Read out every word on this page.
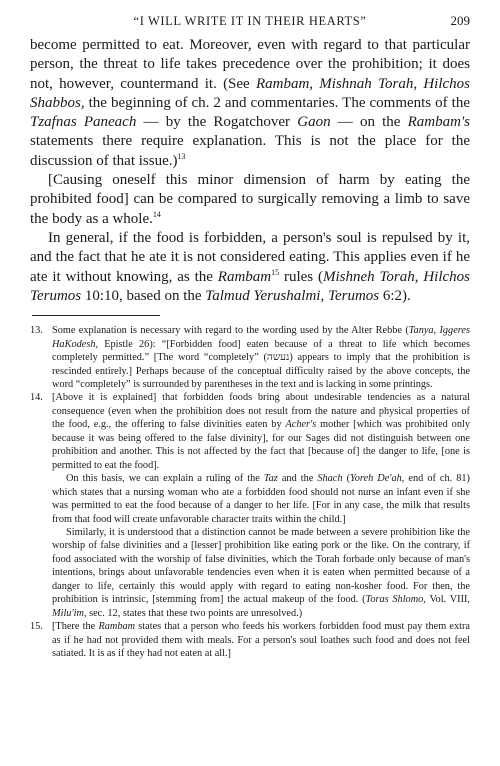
“I WILL WRITE IT IN THEIR HEARTS”	209

become permitted to eat. Moreover, even with regard to that particular person, the threat to life takes precedence over the prohibition; it does not, however, countermand it. (See Rambam, Mishnah Torah, Hilchos Shabbos, the beginning of ch. 2 and commentaries. The comments of the Tzafnas Paneach — by the Rogatchover Gaon — on the Rambam's statements there require explanation. This is not the place for the discussion of that issue.)$^{13}$

[Causing oneself this minor dimension of harm by eating the prohibited food] can be compared to surgically removing a limb to save the body as a whole.$^{14}$

In general, if the food is forbidden, a person's soul is repulsed by it, and the fact that he ate it is not considered eating. This applies even if he ate it without knowing, as the Rambam$^{15}$ rules (Mishneh Torah, Hilchos Terumos 10:10, based on the Talmud Yerushalmi, Terumos 6:2).

13. Some explanation is necessary with regard to the wording used by the Alter Rebbe (Tanya, Iggeres HaKodesh, Epistle 26): “[Forbidden food] eaten because of a threat to life which becomes completely permitted.” [The word “completely” (נעשה) appears to imply that the prohibition is rescinded entirely.] Perhaps because of the conceptual difficulty raised by the above concepts, the word “completely” is surrounded by parentheses in the text and is lacking in some printings.

14. [Above it is explained] that forbidden foods bring about undesirable tendencies as a natural consequence (even when the prohibition does not result from the nature and physical properties of the food, e.g., the offering to false divinities eaten by Acher's mother [which was prohibited only because it was being offered to the false divinity], for our Sages did not distinguish between one prohibition and another. This is not affected by the fact that [because of] the danger to life, [one is permitted to eat the food].

On this basis, we can explain a ruling of the Taz and the Shach (Yoreh De'ah, end of ch. 81) which states that a nursing woman who ate a forbidden food should not nurse an infant even if she was permitted to eat the food because of a danger to her life. [For in any case, the milk that results from that food will create unfavorable character traits within the child.]

Similarly, it is understood that a distinction cannot be made between a severe prohibition like the worship of false divinities and a [lesser] prohibition like eating pork or the like. On the contrary, if food associated with the worship of false divinities, which the Torah forbade only because of man's intentions, brings about unfavorable tendencies even when it is eaten when permitted because of a danger to life, certainly this would apply with regard to eating non-kosher food. For then, the prohibition is intrinsic, [stemming from] the actual makeup of the food. (Toras Shlomo, Vol. VIII, Milu'im, sec. 12, states that these two points are unresolved.)

15. [There the Rambam states that a person who feeds his workers forbidden food must pay them extra as if he had not provided them with meals. For a person's soul loathes such food and does not feel satiated. It is as if they had not eaten at all.]
